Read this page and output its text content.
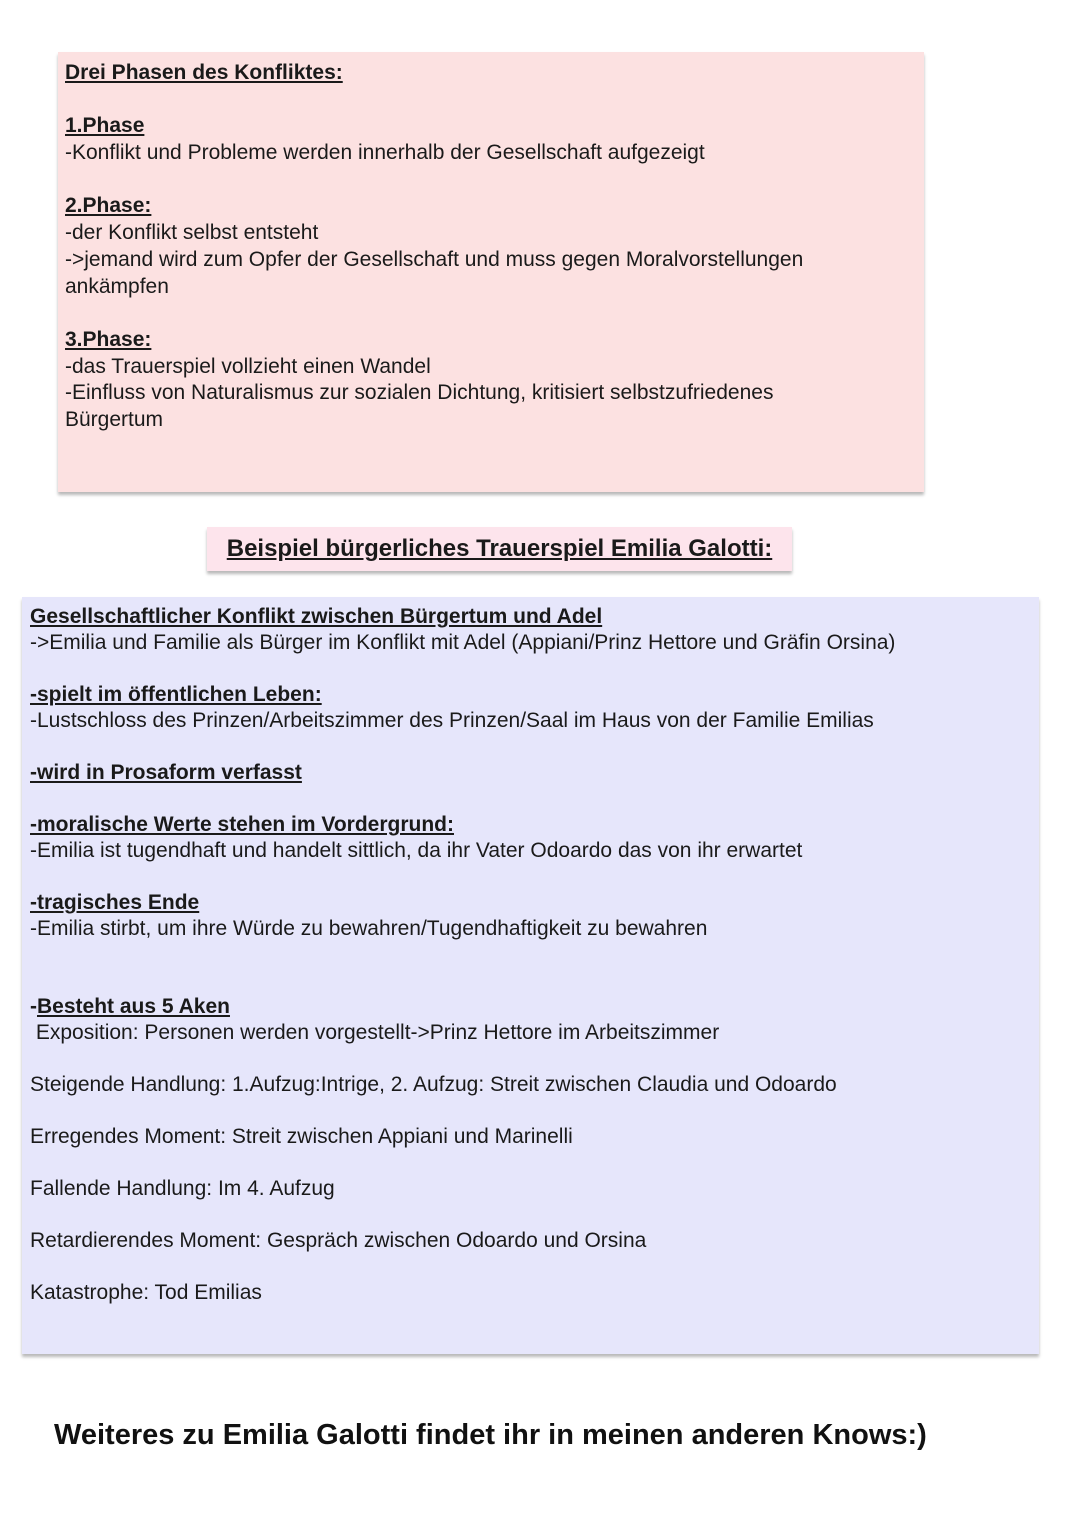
Drei Phasen des Konfliktes:

1.Phase

-Konflikt und Probleme werden innerhalb der Gesellschaft aufgezeigt

2.Phase:

-der Konflikt selbst entsteht

->jemand wird zum Opfer der Gesellschaft und muss gegen Moralvorstellungen

ankämpfen

3.Phase:

-das Trauerspiel vollzieht einen Wandel

-Einfluss von Naturalismus zur sozialen Dichtung, kritisiert selbstzufriedenes

Bürgertum

Beispiel bürgerliches Trauerspiel Emilia Galotti:

Gesellschaftlicher Konflikt zwischen Bürgertum und Adel

->Emilia und Familie als Bürger im Konflikt mit Adel (Appiani/Prinz Hettore und Gräfin Orsina)

-spielt im öffentlichen Leben:

-Lustschloss des Prinzen/Arbeitszimmer des Prinzen/Saal im Haus von der Familie Emilias

-wird in Prosaform verfasst

-moralische Werte stehen im Vordergrund:

-Emilia ist tugendhaft und handelt sittlich, da ihr Vater Odoardo das von ihr erwartet

-tragisches Ende

-Emilia stirbt, um ihre Würde zu bewahren/Tugendhaftigkeit zu bewahren

-Besteht aus 5 Aken

Exposition: Personen werden vorgestellt->Prinz Hettore im Arbeitszimmer

Steigende Handlung: 1.Aufzug:Intrige, 2. Aufzug: Streit zwischen Claudia und Odoardo

Erregendes Moment: Streit zwischen Appiani und Marinelli

Fallende Handlung: Im 4. Aufzug

Retardierendes Moment: Gespräch zwischen Odoardo und Orsina

Katastrophe: Tod Emilias

Weiteres zu Emilia Galotti findet ihr in meinen anderen Knows:)
